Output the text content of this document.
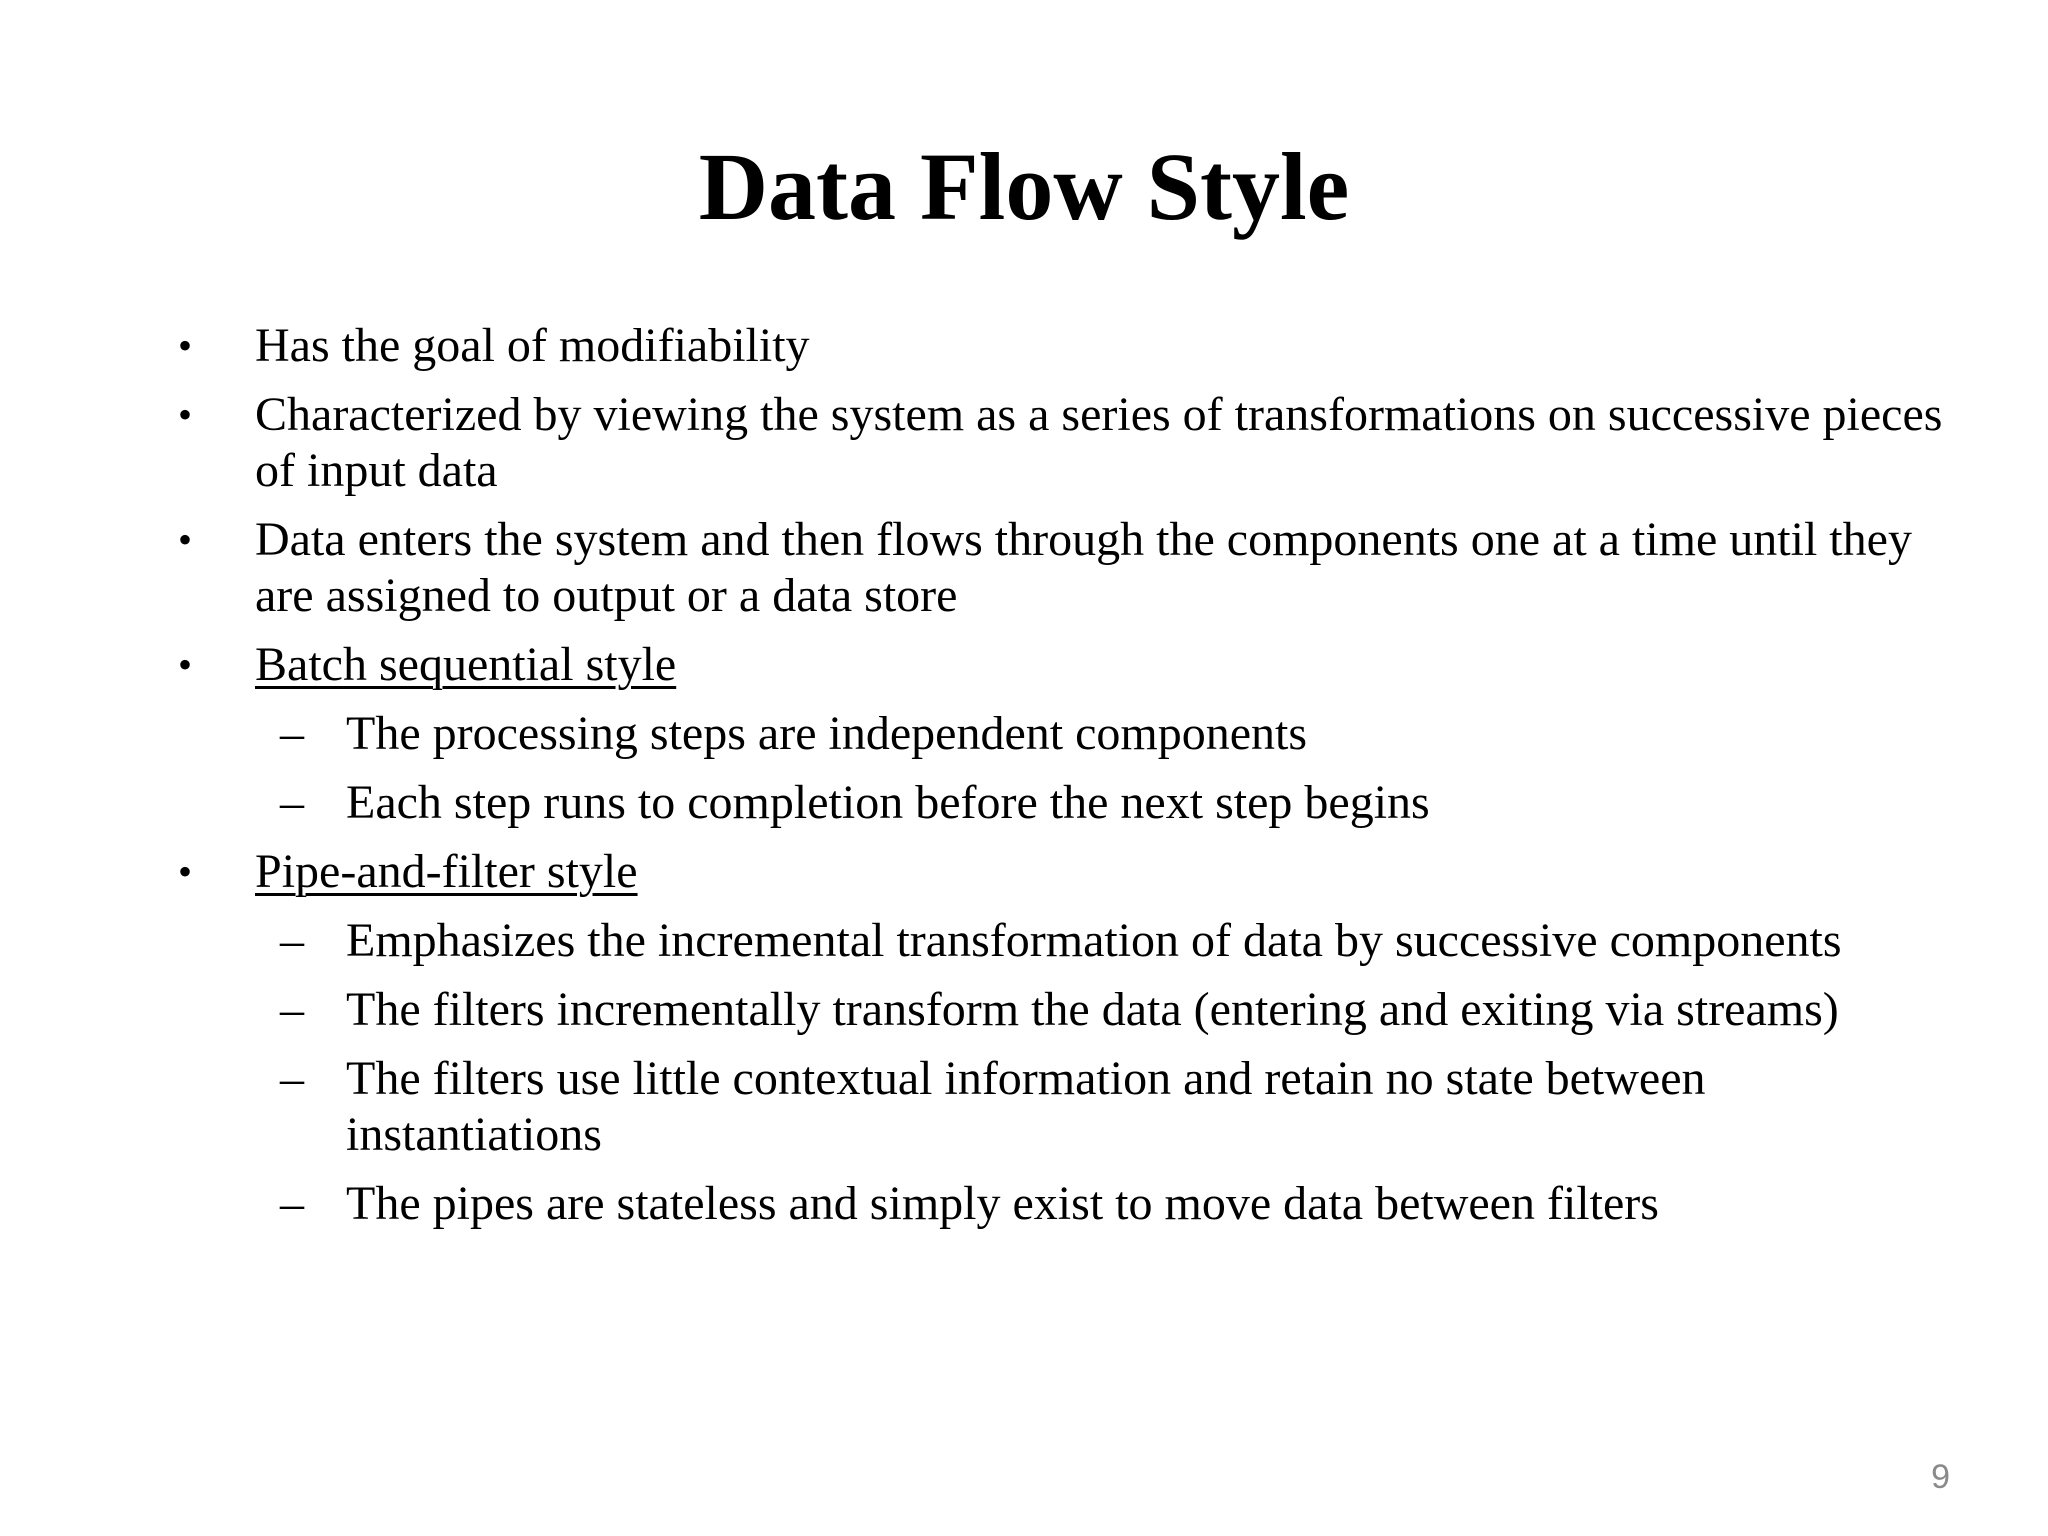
Data Flow Style
•	Has the goal of modifiability
•	Characterized by viewing the system as a series of transformations on successive pieces of input data
•	Data enters the system and then flows through the components one at a time until they are assigned to output or a data store
•	Batch sequential style
– The processing steps are independent components
– Each step runs to completion before the next step begins
•	Pipe-and-filter style
– Emphasizes the incremental transformation of data by successive components
– The filters incrementally transform the data (entering and exiting via streams)
– The filters use little contextual information and retain no state between instantiations
– The pipes are stateless and simply exist to move data between filters
9
